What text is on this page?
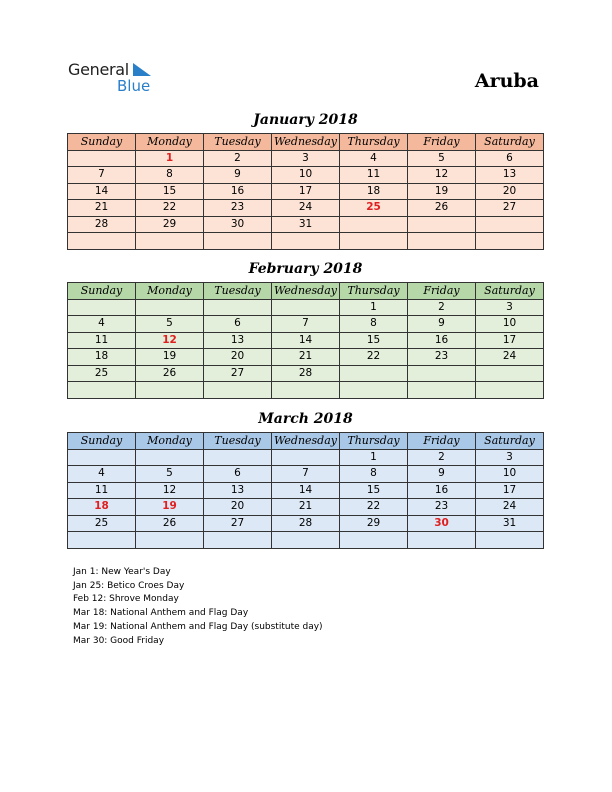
General
Blue	Aruba
January 2018
Sunday	Monday	Tuesday	Wednesday	Thursday	Friday	Saturday
	1	2	3	4	5	6
7	8	9	10	11	12	13
14	15	16	17	18	19	20
21	22	23	24	25	26	27
28	29	30	31			

February 2018
Sunday	Monday	Tuesday	Wednesday	Thursday	Friday	Saturday
				1	2	3
4	5	6	7	8	9	10
11	12	13	14	15	16	17
18	19	20	21	22	23	24
25	26	27	28			

March 2018
Sunday	Monday	Tuesday	Wednesday	Thursday	Friday	Saturday
				1	2	3
4	5	6	7	8	9	10
11	12	13	14	15	16	17
18	19	20	21	22	23	24
25	26	27	28	29	30	31

Jan 1: New Year's Day
Jan 25: Betico Croes Day
Feb 12: Shrove Monday
Mar 18: National Anthem and Flag Day
Mar 19: National Anthem and Flag Day (substitute day)
Mar 30: Good Friday
